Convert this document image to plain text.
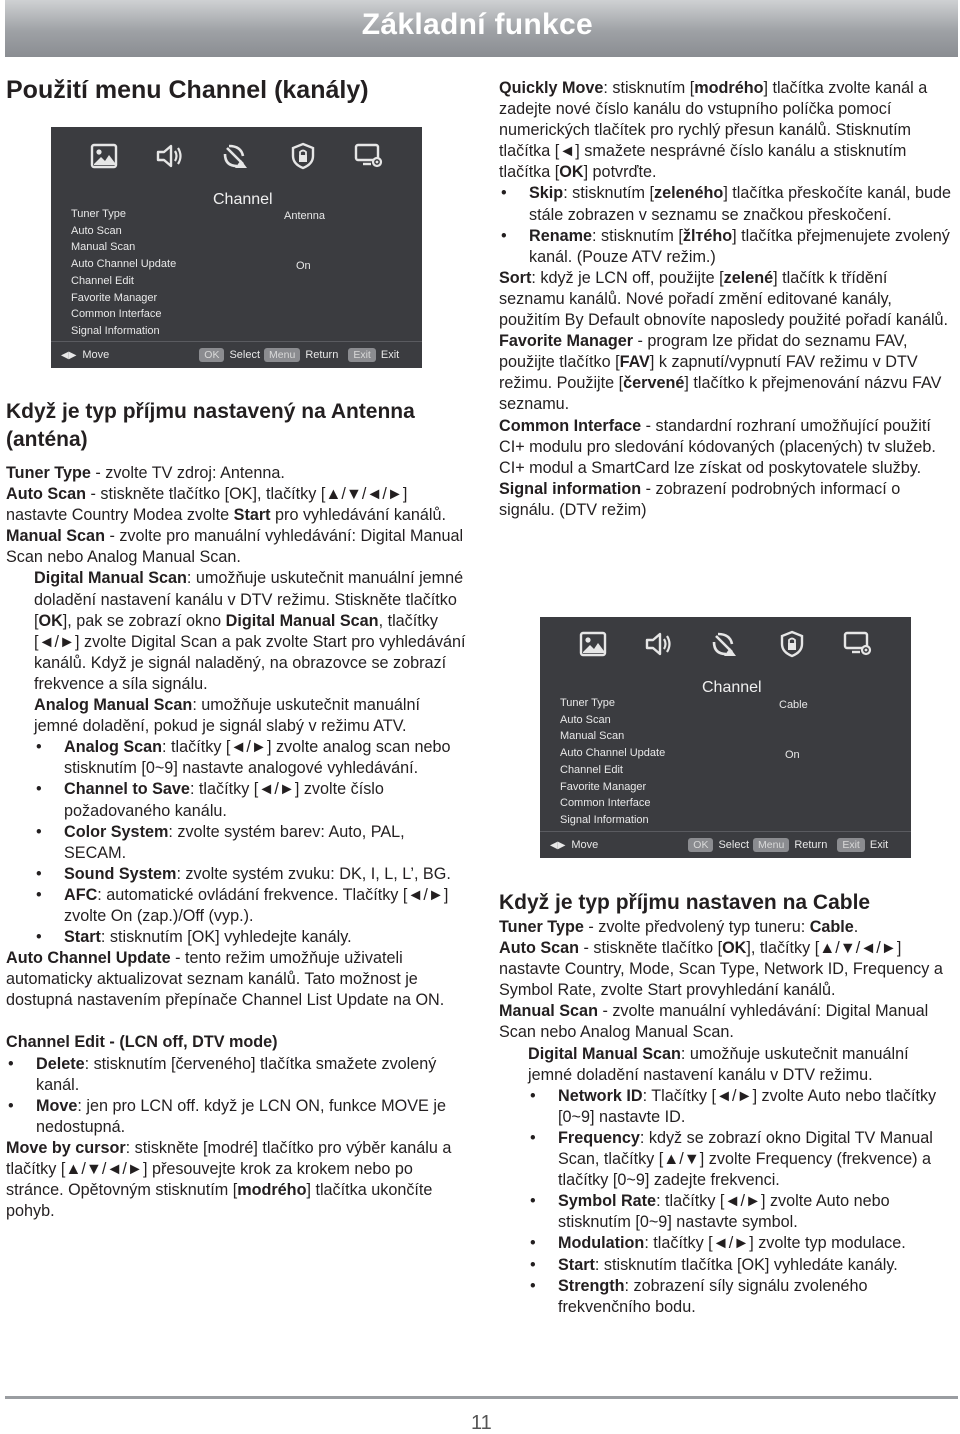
Základní funkce
Použití menu Channel (kanály)
Channel
Tuner Type
Auto Scan
Manual Scan
Auto Channel Update
Channel Edit
Favorite Manager
Common Interface
Signal Information
Antenna
On
◀▶ Move	OK Select Menu Return	Exit Exit
Když je typ příjmu nastavený na Antenna (anténa)

Tuner Type - zvolte TV zdroj: Antenna.

Auto Scan - stiskněte tlačítko [OK], tlačítky [▲/▼/◄/►] nastavte Country Modea zvolte Start pro vyhledávání kanálů.

Manual Scan - zvolte pro manuální vyhledávání: Digital Manual Scan nebo Analog Manual Scan.

Digital Manual Scan: umožňuje uskutečnit manuální jemné doladění nastavení kanálu v DTV režimu. Stiskněte tlačítko [OK], pak se zobrazí okno Digital Manual Scan, tlačítky [◄/►] zvolte Digital Scan a pak zvolte Start pro vyhledávání kanálů. Když je signál naladěný, na obrazovce se zobrazí frekvence a síla signálu.

Analog Manual Scan: umožňuje uskutečnit manuální jemné doladění, pokud je signál slabý v režimu ATV.

• Analog Scan: tlačítky [◄/►] zvolte analog scan nebo stisknutím [0~9] nastavte analogové vyhledávání.
• Channel to Save: tlačítky [◄/►] zvolte číslo požadovaného kanálu.
• Color System: zvolte systém barev: Auto, PAL, SECAM.
• Sound System: zvolte systém zvuku: DK, I, L, L’, BG.
• AFC: automatické ovládání frekvence. Tlačítky [◄/►] zvolte On (zap.)/Off (vyp.).
• Start: stisknutím [OK] vyhledejte kanály.

Auto Channel Update - tento režim umožňuje uživateli automaticky aktualizovat seznam kanálů. Tato možnost je dostupná nastavením přepínače Channel List Update na ON.

Channel Edit - (LCN off, DTV mode)

• Delete: stisknutím [červeného] tlačítka smažete zvolený kanál.
• Move: jen pro LCN off. když je LCN ON, funkce MOVE je nedostupná.

Move by cursor: stiskněte [modré] tlačítko pro výběr kanálu a tlačítky [▲/▼/◄/►] přesouvejte krok za krokem nebo po stránce. Opětovným stisknutím [modrého] tlačítka ukončíte pohyb.

Quickly Move: stisknutím [modrého] tlačítka zvolte kanál a zadejte nové číslo kanálu do vstupního políčka pomocí numerických tlačítek pro rychlý přesun kanálů. Stisknutím tlačítka [◄] smažete nesprávné číslo kanálu a stisknutím tlačítka [OK] potvrďte.

• Skip: stisknutím [zeleného] tlačítka přeskočíte kanál, bude stále zobrazen v seznamu se značkou přeskočení.
• Rename: stisknutím [žlтého] tlačítka přejmenujete zvolený kanál. (Pouze ATV režim.)

Sort: když je LCN off, použijte [zelené] tlačítk k třídění seznamu kanálů. Nové pořadí změní editované kanály, použitím By Default obnovíte naposledy použité pořadí kanálů.

Favorite Manager - program lze přidat do seznamu FAV, použijte tlačítko [FAV] k zapnutí/vypnutí FAV režimu v DTV režimu. Použijte [červené] tlačítko k přejmenování názvu FAV seznamu.

Common Interface - standardní rozhraní umožňující použití CI+ modulu pro sledování kódovaných (placených) tv služeb. CI+ modul a SmartCard lze získat od poskytovatele služby.

Signal information - zobrazení podrobných informací o signálu. (DTV režim)

Channel
Tuner Type
Auto Scan
Manual Scan
Auto Channel Update
Channel Edit
Favorite Manager
Common Interface
Signal Information
Cable
On
◀▶ Move	OK Select Menu Return	Exit Exit
Když je typ příjmu nastaven na Cable

Tuner Type - zvolte předvolený typ tuneru: Cable.

Auto Scan - stiskněte tlačítko [OK], tlačítky [▲/▼/◄/►] nastavte Country, Mode, Scan Type, Network ID, Frequency a Symbol Rate, zvolte Start provyhledání kanálů.

Manual Scan - zvolte manuální vyhledávání: Digital Manual Scan nebo Analog Manual Scan.

Digital Manual Scan: umožňuje uskutečnit manuální jemné doladění nastavení kanálu v DTV režimu.

• Network ID: Tlačítky [◄/►] zvolte Auto nebo tlačítky [0~9] nastavte ID.
• Frequency: když se zobrazí okno Digital TV Manual Scan, tlačítky [▲/▼] zvolte Frequency (frekvence) a tlačítky [0~9] zadejte frekvenci.
• Symbol Rate: tlačítky [◄/►] zvolte Auto nebo stisknutím [0~9] nastavte symbol.
• Modulation: tlačítky [◄/►] zvolte typ modulace.
• Start: stisknutím tlačítka [OK] vyhledáte kanály.
• Strength: zobrazení síly signálu zvoleného frekvenčního bodu.
11
